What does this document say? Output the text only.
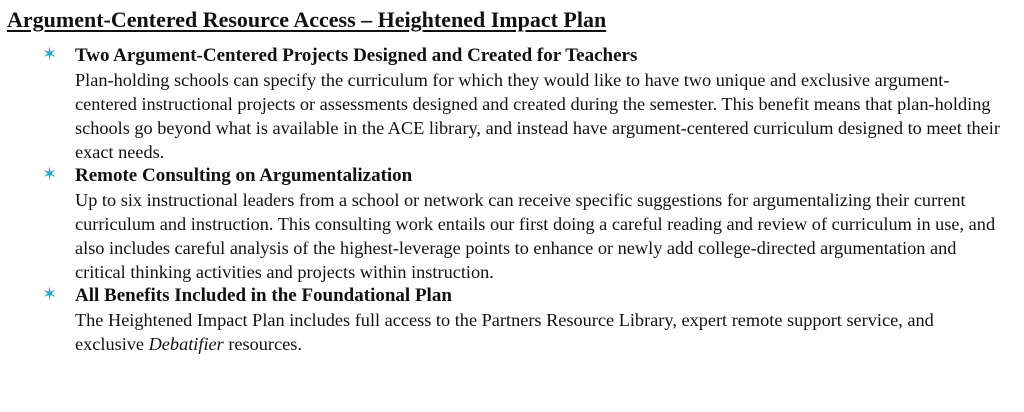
Argument-Centered Resource Access – Heightened Impact Plan
✶ Two Argument-Centered Projects Designed and Created for Teachers

Plan-holding schools can specify the curriculum for which they would like to have two unique and exclusive argument-centered instructional projects or assessments designed and created during the semester. This benefit means that plan-holding schools go beyond what is available in the ACE library, and instead have argument-centered curriculum designed to meet their exact needs.

✶ Remote Consulting on Argumentalization

Up to six instructional leaders from a school or network can receive specific suggestions for argumentalizing their current curriculum and instruction. This consulting work entails our first doing a careful reading and review of curriculum in use, and also includes careful analysis of the highest-leverage points to enhance or newly add college-directed argumentation and critical thinking activities and projects within instruction.

✶ All Benefits Included in the Foundational Plan

The Heightened Impact Plan includes full access to the Partners Resource Library, expert remote support service, and exclusive Debatifier resources.
